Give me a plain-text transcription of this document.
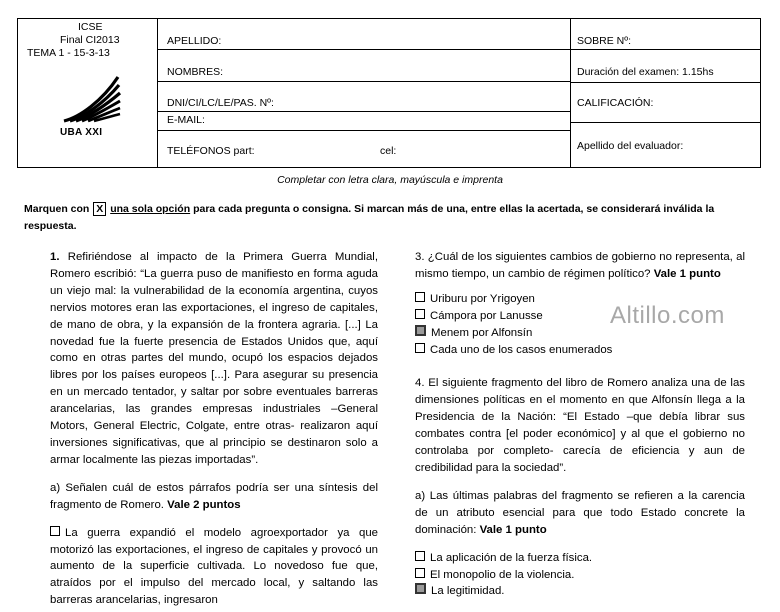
ICSE
Final CI2013
TEMA 1 - 15-3-13
UBA XXI
APELLIDO:
NOMBRES:
DNI/CI/LC/LE/PAS. Nº:
E-MAIL:
TELÉFONOS part:	cel:
SOBRE Nº:
Duración del examen: 1.15hs
CALIFICACIÓN:
Apellido del evaluador:
Completar con letra clara, mayúscula e imprenta
Marquen con X una sola opción para cada pregunta o consigna. Si marcan más de una, entre ellas la acertada, se considerará inválida la respuesta.

1. Refiriéndose al impacto de la Primera Guerra Mundial, Romero escribió: “La guerra puso de manifiesto en forma aguda un viejo mal: la vulnerabilidad de la economía argentina, cuyos nervios motores eran las exportaciones, el ingreso de capitales, de mano de obra, y la expansión de la frontera agraria. [...] La novedad fue la fuerte presencia de Estados Unidos que, aquí como en otras partes del mundo, ocupó los espacios dejados libres por los países europeos [...]. Para asegurar su presencia en un mercado tentador, y saltar por sobre eventuales barreras arancelarias, las grandes empresas industriales –General Motors, General Electric, Colgate, entre otras- realizaron aquí inversiones significativas, que al principio se destinaron solo a armar localmente las piezas importadas”.

a) Señalen cuál de estos párrafos podría ser una síntesis del fragmento de Romero. Vale 2 puntos

La guerra expandió el modelo agroexportador ya que motorizó las exportaciones, el ingreso de capitales y provocó un aumento de la superficie cultivada. Lo novedoso fue que, atraídos por el impulso del mercado local, y saltando las barreras arancelarias, ingresaron

3. ¿Cuál de los siguientes cambios de gobierno no representa, al mismo tiempo, un cambio de régimen político? Vale 1 punto

Uriburu por Yrigoyen
Cámpora por Lanusse
Menem por Alfonsín
Cada uno de los casos enumerados

4. El siguiente fragmento del libro de Romero analiza una de las dimensiones políticas en el momento en que Alfonsín llega a la Presidencia de la Nación: “El Estado –que debía librar sus combates contra [el poder económico] y al que el gobierno no controlaba por completo- carecía de eficiencia y aun de credibilidad para la sociedad”.

a) Las últimas palabras del fragmento se refieren a la carencia de un atributo esencial para que todo Estado concrete la dominación: Vale 1 punto

La aplicación de la fuerza física.
El monopolio de la violencia.
La legitimidad.
Altillo.com
